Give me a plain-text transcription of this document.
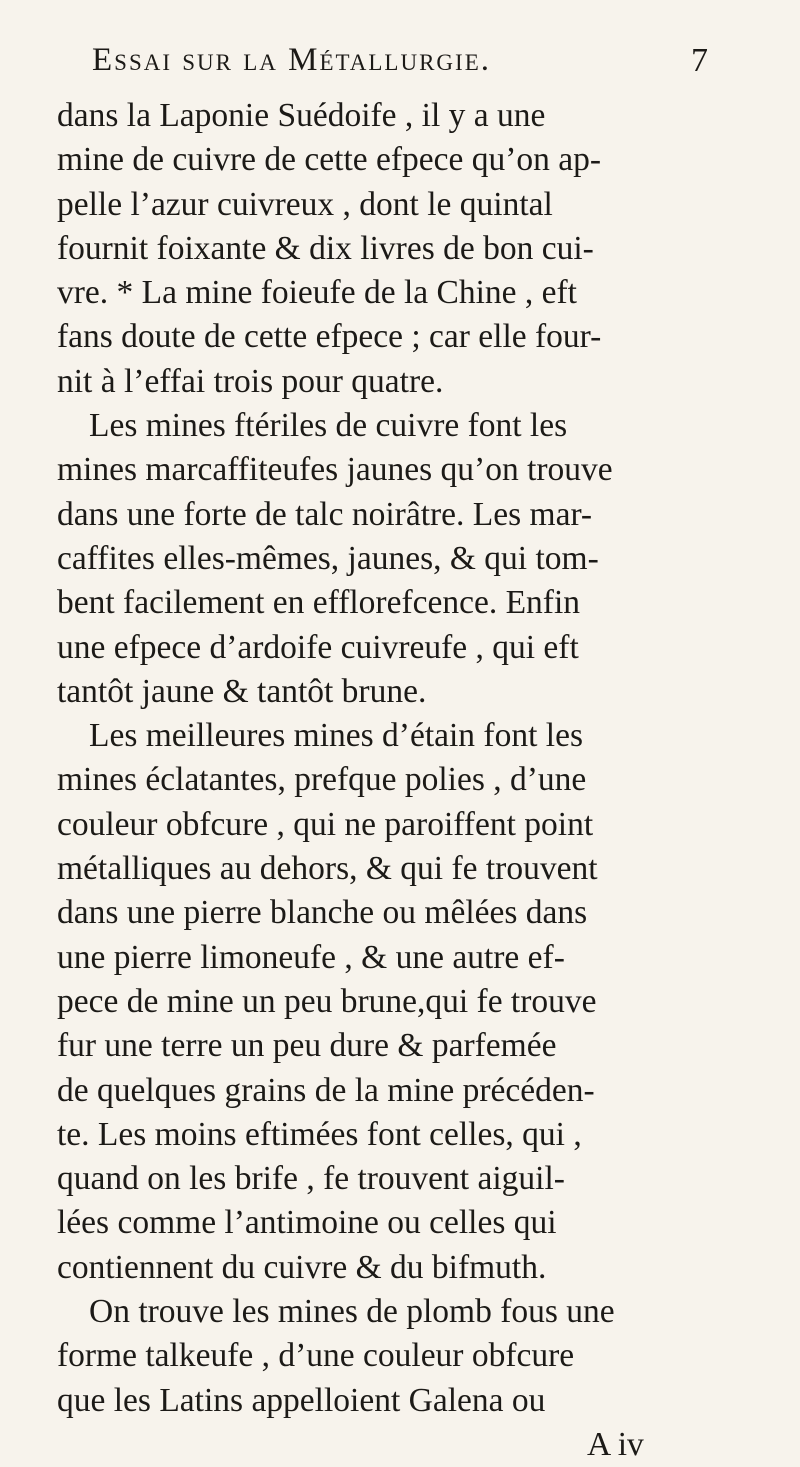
Essai sur la Métallurgie.	7
dans la Laponie Suédoife , il y a une
mine de cuivre de cette efpece qu’on ap-
pelle l’azur cuivreux , dont le quintal
fournit foixante & dix livres de bon cui-
vre. * La mine foieufe de la Chine , eft
fans doute de cette efpece ; car elle four-
nit à l’effai trois pour quatre.
Les mines ftériles de cuivre font les
mines marcaffiteufes jaunes qu’on trouve
dans une forte de talc noirâtre. Les mar-
caffites elles-mêmes, jaunes, & qui tom-
bent facilement en efflorefcence. Enfin
une efpece d’ardoife cuivreufe , qui eft
tantôt jaune & tantôt brune.
Les meilleures mines d’étain font les
mines éclatantes, prefque polies , d’une
couleur obfcure , qui ne paroiffent point
métalliques au dehors, & qui fe trouvent
dans une pierre blanche ou mêlées dans
une pierre limoneufe , & une autre ef-
pece de mine un peu brune,qui fe trouve
fur une terre un peu dure & parfemée
de quelques grains de la mine précéden-
te. Les moins eftimées font celles, qui ,
quand on les brife , fe trouvent aiguil-
lées comme l’antimoine ou celles qui
contiennent du cuivre & du bifmuth.
On trouve les mines de plomb fous une
forme talkeufe , d’une couleur obfcure
que les Latins appelloient Galena ou
A iv
